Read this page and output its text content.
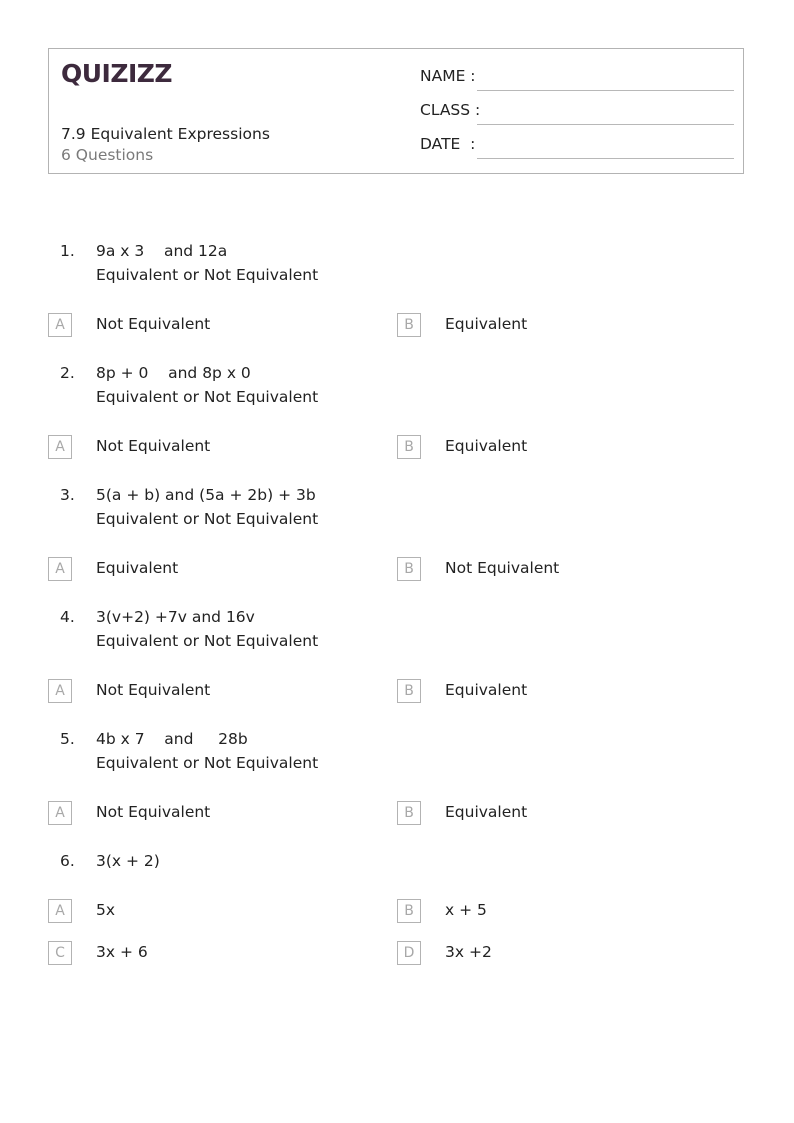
QUIZIZZ
7.9 Equivalent Expressions
6 Questions
NAME :
CLASS :
DATE  :
1. 9a x 3    and 12a
Equivalent or Not Equivalent
A	Not Equivalent	B	Equivalent
2. 8p + 0    and 8p x 0
Equivalent or Not Equivalent
A	Not Equivalent	B	Equivalent
3. 5(a + b) and (5a + 2b) + 3b
Equivalent or Not Equivalent
A	Equivalent	B	Not Equivalent
4. 3(v+2) +7v and 16v
Equivalent or Not Equivalent
A	Not Equivalent	B	Equivalent
5. 4b x 7    and     28b
Equivalent or Not Equivalent
A	Not Equivalent	B	Equivalent
6. 3(x + 2)
A	5x	B	x + 5
C	3x + 6	D	3x +2
